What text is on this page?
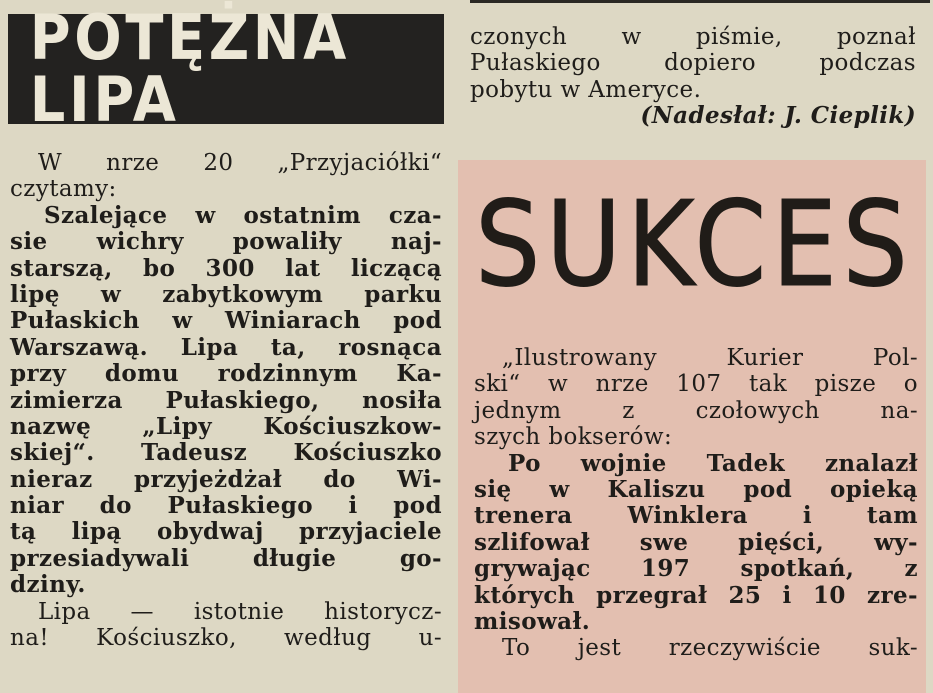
POTĘŻNA LIPA
W nrze 20 „Przyjaciółki“
czytamy:
Szalejące w ostatnim cza-
sie wichry powaliły naj-
starszą, bo 300 lat liczącą
lipę w zabytkowym parku
Pułaskich w Winiarach pod
Warszawą. Lipa ta, rosnąca
przy domu rodzinnym Ka-
zimierza Pułaskiego, nosiła
nazwę „Lipy Kościuszkow-
skiej“. Tadeusz Kościuszko
nieraz przyjeżdżał do Wi-
niar do Pułaskiego i pod
tą lipą obydwaj przyjaciele
przesiadywali długie go-
dziny.
Lipa — istotnie historycz-
na! Kościuszko, według u-
czonych w piśmie, poznał
Pułaskiego dopiero podczas
pobytu w Ameryce.
(Nadesłał: J. Cieplik)
SUKCES
„Ilustrowany Kurier Pol-
ski“ w nrze 107 tak pisze o
jednym z czołowych na-
szych bokserów:
Po wojnie Tadek znalazł
się w Kaliszu pod opieką
trenera Winklera i tam
szlifował swe pięści, wy-
grywając 197 spotkań, z
których przegrał 25 i 10 zre-
misował.
To jest rzeczywiście suk-
